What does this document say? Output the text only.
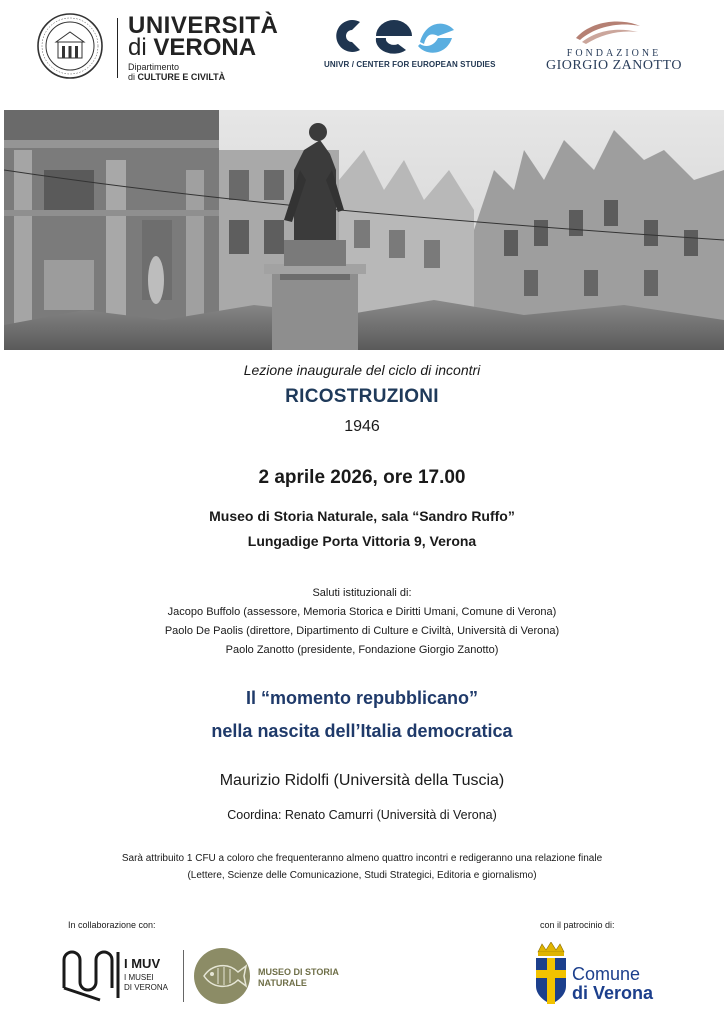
UNIVERSITÀ
di VERONA
Dipartimento
di CULTURE E CIVILTÀ
UNIVR / CENTER FOR EUROPEAN STUDIES
FONDAZIONE
GIORGIO ZANOTTO
Lezione inaugurale del ciclo di incontri
RICOSTRUZIONI
1946
2 aprile 2026, ore 17.00
Museo di Storia Naturale, sala “Sandro Ruffo”
Lungadige Porta Vittoria 9, Verona
Saluti istituzionali di:
Jacopo Buffolo (assessore, Memoria Storica e Diritti Umani, Comune di Verona)
Paolo De Paolis (direttore, Dipartimento di Culture e Civiltà, Università di Verona)
Paolo Zanotto (presidente, Fondazione Giorgio Zanotto)
Il “momento repubblicano”
nella nascita dell’Italia democratica
Maurizio Ridolfi (Università della Tuscia)
Coordina: Renato Camurri (Università di Verona)
Sarà attribuito 1 CFU a coloro che frequenteranno almeno quattro incontri e redigeranno una relazione finale
(Lettere, Scienze delle Comunicazione, Studi Strategici, Editoria e giornalismo)
In collaborazione con:	con il patrocinio di:
I MUV
I MUSEI
DI VERONA
MUSEO DI STORIA
NATURALE	Comune
di Verona
